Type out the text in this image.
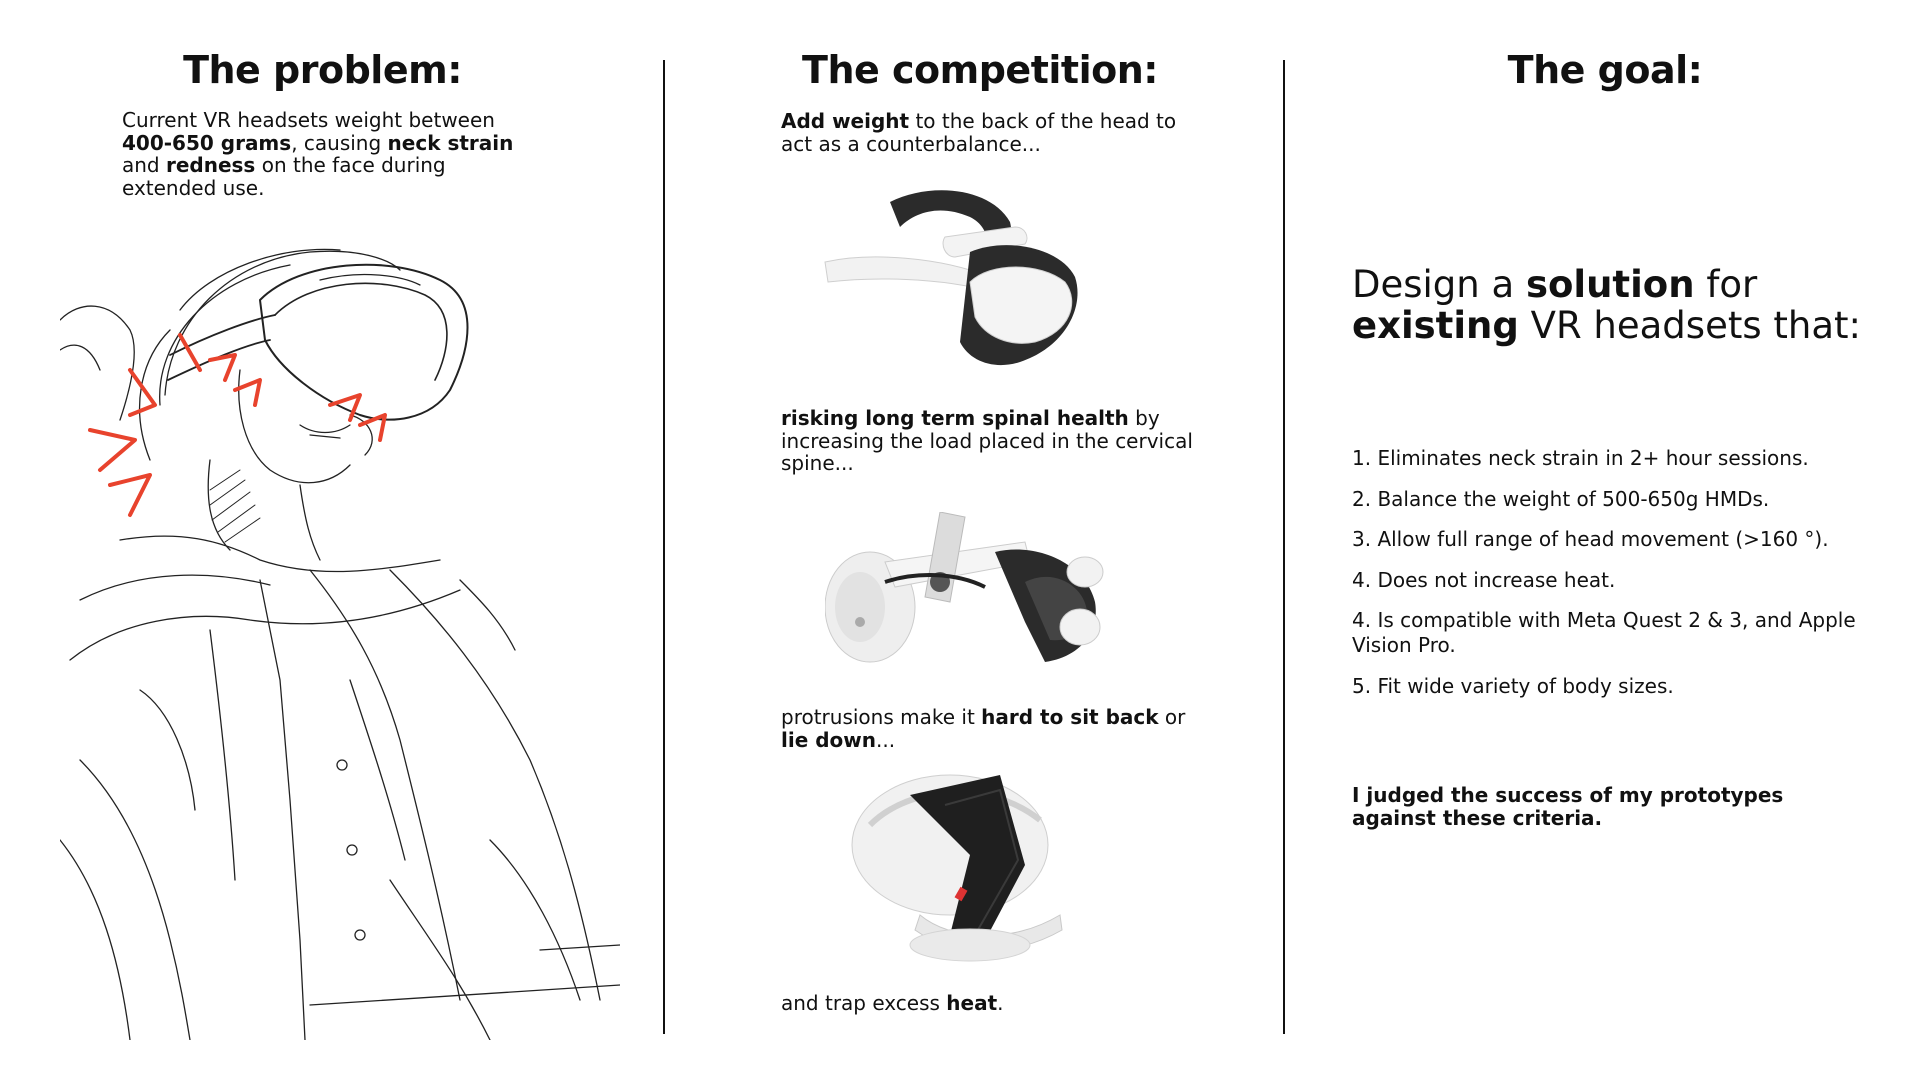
The problem:

Current VR headsets weight between 400-650 grams, causing neck strain and redness on the face during extended use.

The competition:

Add weight to the back of the head to act as a counterbalance...

risking long term spinal health by increasing the load placed in the cervical spine...

protrusions make it hard to sit back or lie down...

and trap excess heat.

The goal:

Design a solution for existing VR headsets that:

1. Eliminates neck strain in 2+ hour sessions.
2. Balance the weight of 500-650g HMDs.
3. Allow full range of head movement (>160 °).
4. Does not increase heat.
4. Is compatible with Meta Quest 2 & 3, and Apple Vision Pro.
5. Fit wide variety of body sizes.

I judged the success of my prototypes against these criteria.
